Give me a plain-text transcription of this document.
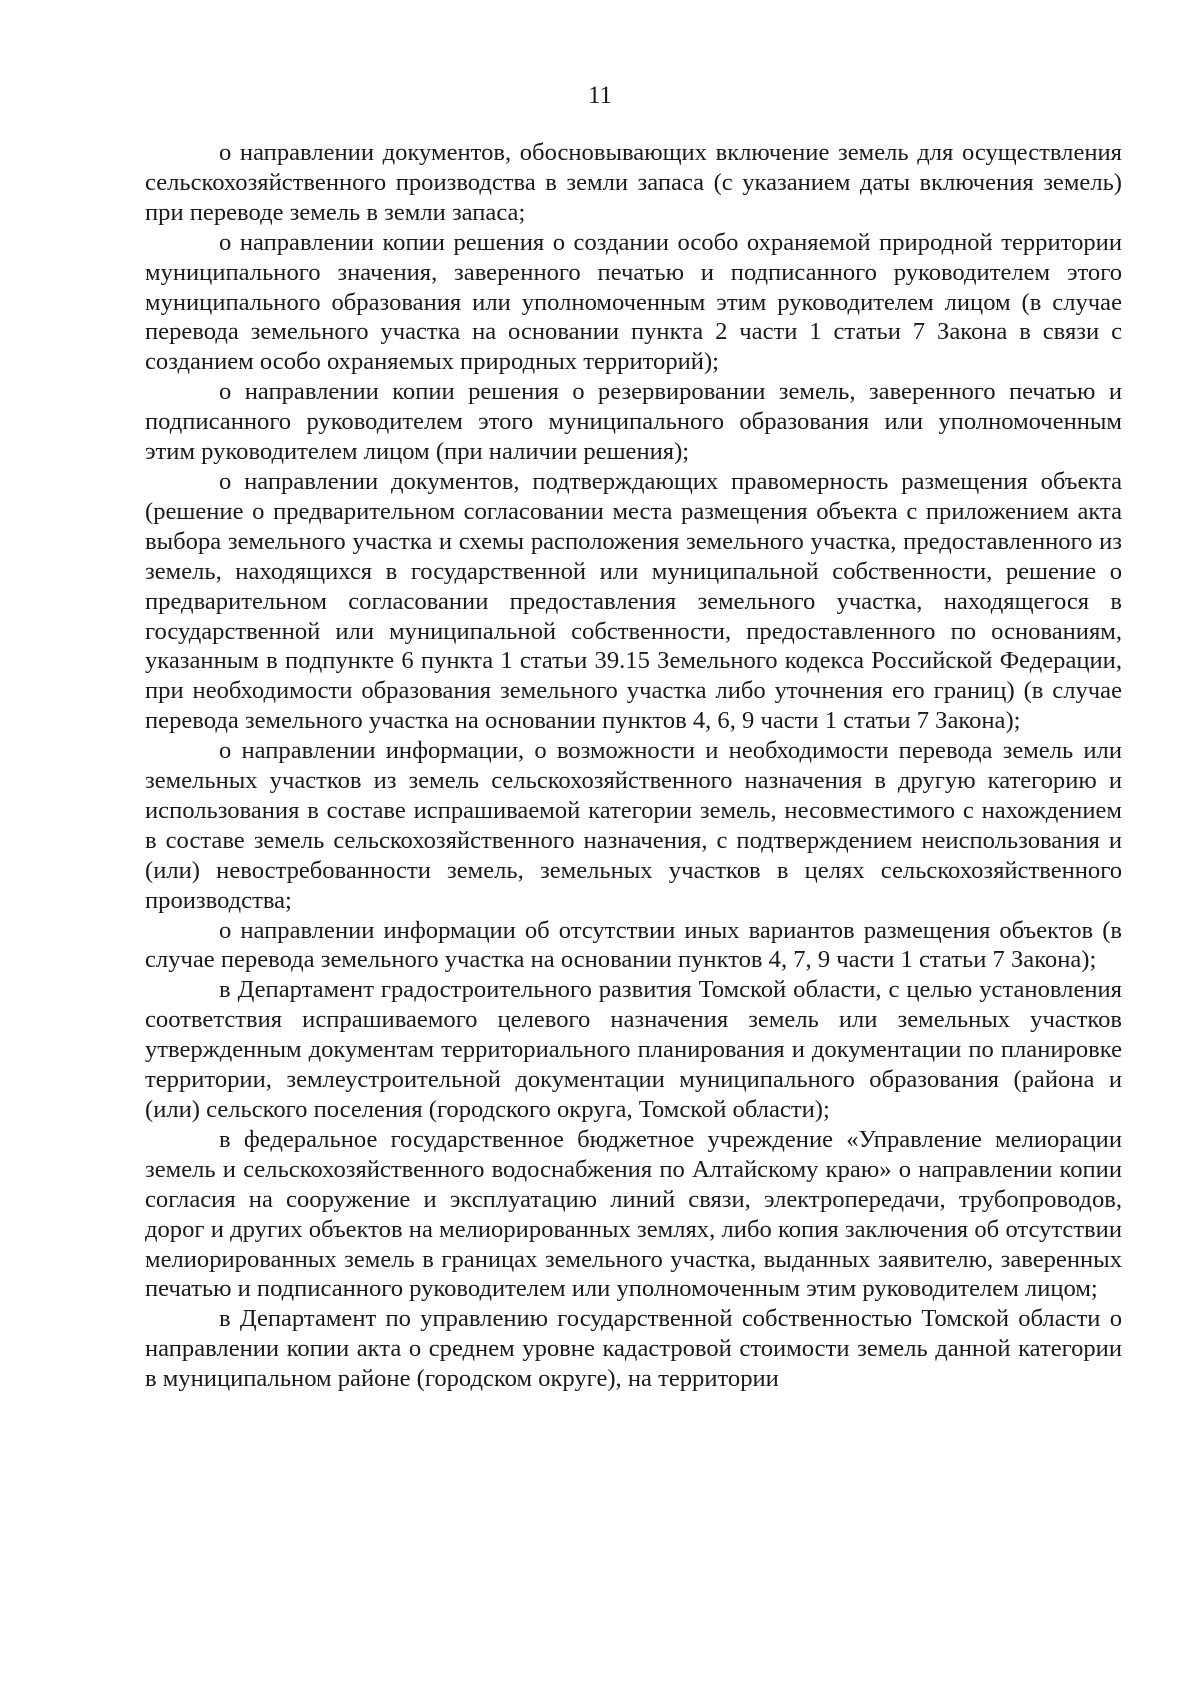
11

о направлении документов, обосновывающих включение земель для осуществления сельскохозяйственного производства в земли запаса (с указанием даты включения земель) при переводе земель в земли запаса;

о направлении копии решения о создании особо охраняемой природной территории муниципального значения, заверенного печатью и подписанного руководителем этого муниципального образования или уполномоченным этим руководителем лицом (в случае перевода земельного участка на основании пункта 2 части 1 статьи 7 Закона в связи с созданием особо охраняемых природных территорий);

о направлении копии решения о резервировании земель, заверенного печатью и подписанного руководителем этого муниципального образования или уполномоченным этим руководителем лицом (при наличии решения);

о направлении документов, подтверждающих правомерность размещения объекта (решение о предварительном согласовании места размещения объекта с приложением акта выбора земельного участка и схемы расположения земельного участка, предоставленного из земель, находящихся в государственной или муниципальной собственности, решение о предварительном согласовании предоставления земельного участка, находящегося в государственной или муниципальной собственности, предоставленного по основаниям, указанным в подпункте 6 пункта 1 статьи 39.15 Земельного кодекса Российской Федерации, при необходимости образования земельного участка либо уточнения его границ) (в случае перевода земельного участка на основании пунктов 4, 6, 9 части 1 статьи 7 Закона);

о направлении информации, о возможности и необходимости перевода земель или земельных участков из земель сельскохозяйственного назначения в другую категорию и использования в составе испрашиваемой категории земель, несовместимого с нахождением в составе земель сельскохозяйственного назначения, с подтверждением неиспользования и (или) невостребованности земель, земельных участков в целях сельскохозяйственного производства;

о направлении информации об отсутствии иных вариантов размещения объектов (в случае перевода земельного участка на основании пунктов 4, 7, 9 части 1 статьи 7 Закона);

в Департамент градостроительного развития Томской области, с целью установления соответствия испрашиваемого целевого назначения земель или земельных участков утвержденным документам территориального планирования и документации по планировке территории, землеустроительной документации муниципального образования (района и (или) сельского поселения (городского округа, Томской области);

в федеральное государственное бюджетное учреждение «Управление мелиорации земель и сельскохозяйственного водоснабжения по Алтайскому краю» о направлении копии согласия на сооружение и эксплуатацию линий связи, электропередачи, трубопроводов, дорог и других объектов на мелиорированных землях, либо копия заключения об отсутствии мелиорированных земель в границах земельного участка, выданных заявителю, заверенных печатью и подписанного руководителем или уполномоченным этим руководителем лицом;

в Департамент по управлению государственной собственностью Томской области о направлении копии акта о среднем уровне кадастровой стоимости земель данной категории в муниципальном районе (городском округе), на территории
